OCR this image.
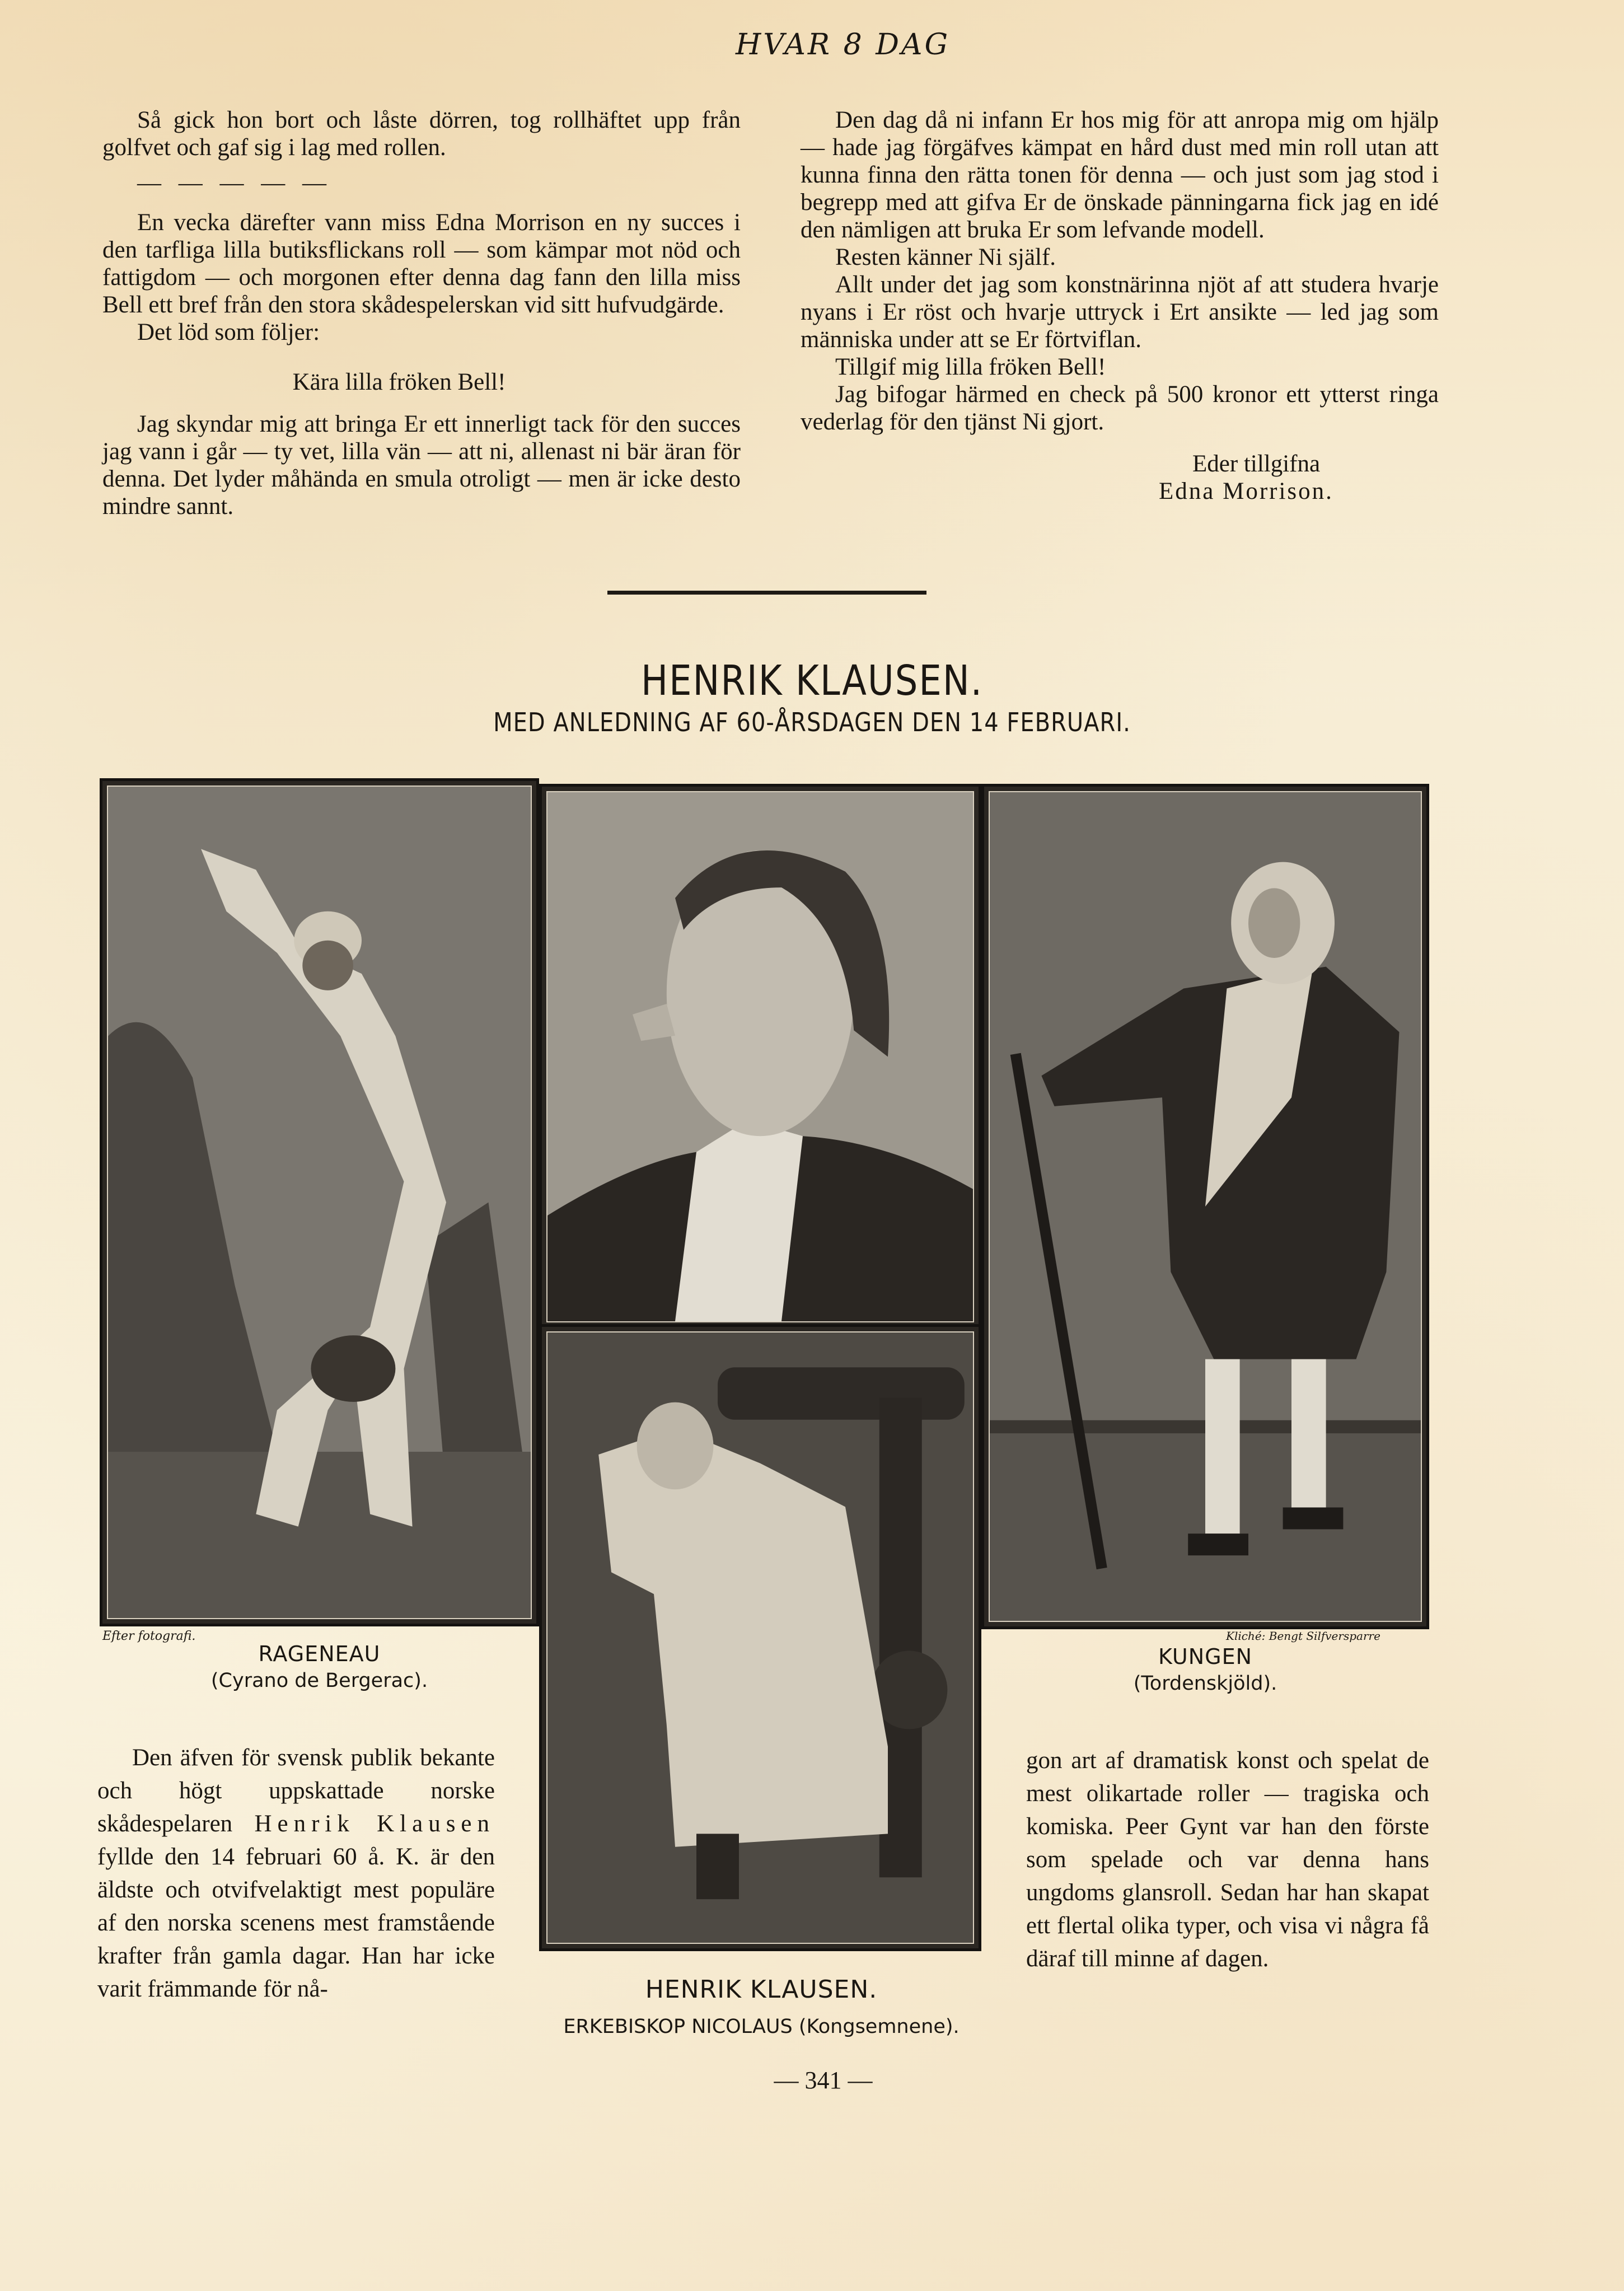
HVAR 8 DAG

Så gick hon bort och låste dörren, tog rollhäftet upp från golfvet och gaf sig i lag med rollen.

— — — — —

En vecka därefter vann miss Edna Morrison en ny succes i den tarfliga lilla butiksflickans roll — som kämpar mot nöd och fattigdom — och morgonen efter denna dag fann den lilla miss Bell ett bref från den stora skådespelerskan vid sitt hufvudgärde.

Det löd som följer:

Kära lilla fröken Bell!

Jag skyndar mig att bringa Er ett innerligt tack för den succes jag vann i går — ty vet, lilla vän — att ni, allenast ni bär äran för denna. Det lyder måhända en smula otroligt — men är icke desto mindre sannt.

Den dag då ni infann Er hos mig för att anropa mig om hjälp — hade jag förgäfves kämpat en hård dust med min roll utan att kunna finna den rätta tonen för denna — och just som jag stod i begrepp med att gifva Er de önskade pänningarna fick jag en idé den nämligen att bruka Er som lefvande modell.

Resten känner Ni själf.

Allt under det jag som konstnärinna njöt af att studera hvarje nyans i Er röst och hvarje uttryck i Ert ansikte — led jag som människa under att se Er förtviflan.

Tillgif mig lilla fröken Bell!

Jag bifogar härmed en check på 500 kronor ett ytterst ringa vederlag för den tjänst Ni gjort.

Eder tillgifna

Edna Morrison.

HENRIK KLAUSEN.
MED ANLEDNING AF 60-ÅRSDAGEN DEN 14 FEBRUARI.
Efter fotografi.
RAGENEAU
(Cyrano de Bergerac).
HENRIK KLAUSEN.
ERKEBISKOP NICOLAUS (Kongsemnene).
Kliché: Bengt Silfversparre
KUNGEN
(Tordenskjöld).

Den äfven för svensk publik bekante och högt uppskattade norske skådespelaren Henrik Klausen fyllde den 14 februari 60 å. K. är den äldste och otvifvelaktigt mest populäre af den norska scenens mest framstående krafter från gamla dagar. Han har icke varit främmande för nå-

gon art af dramatisk konst och spelat de mest olikartade roller — tragiska och komiska. Peer Gynt var han den förste som spelade och var denna hans ungdoms glansroll. Sedan har han skapat ett flertal olika typer, och visa vi några få däraf till minne af dagen.

— 341 —
